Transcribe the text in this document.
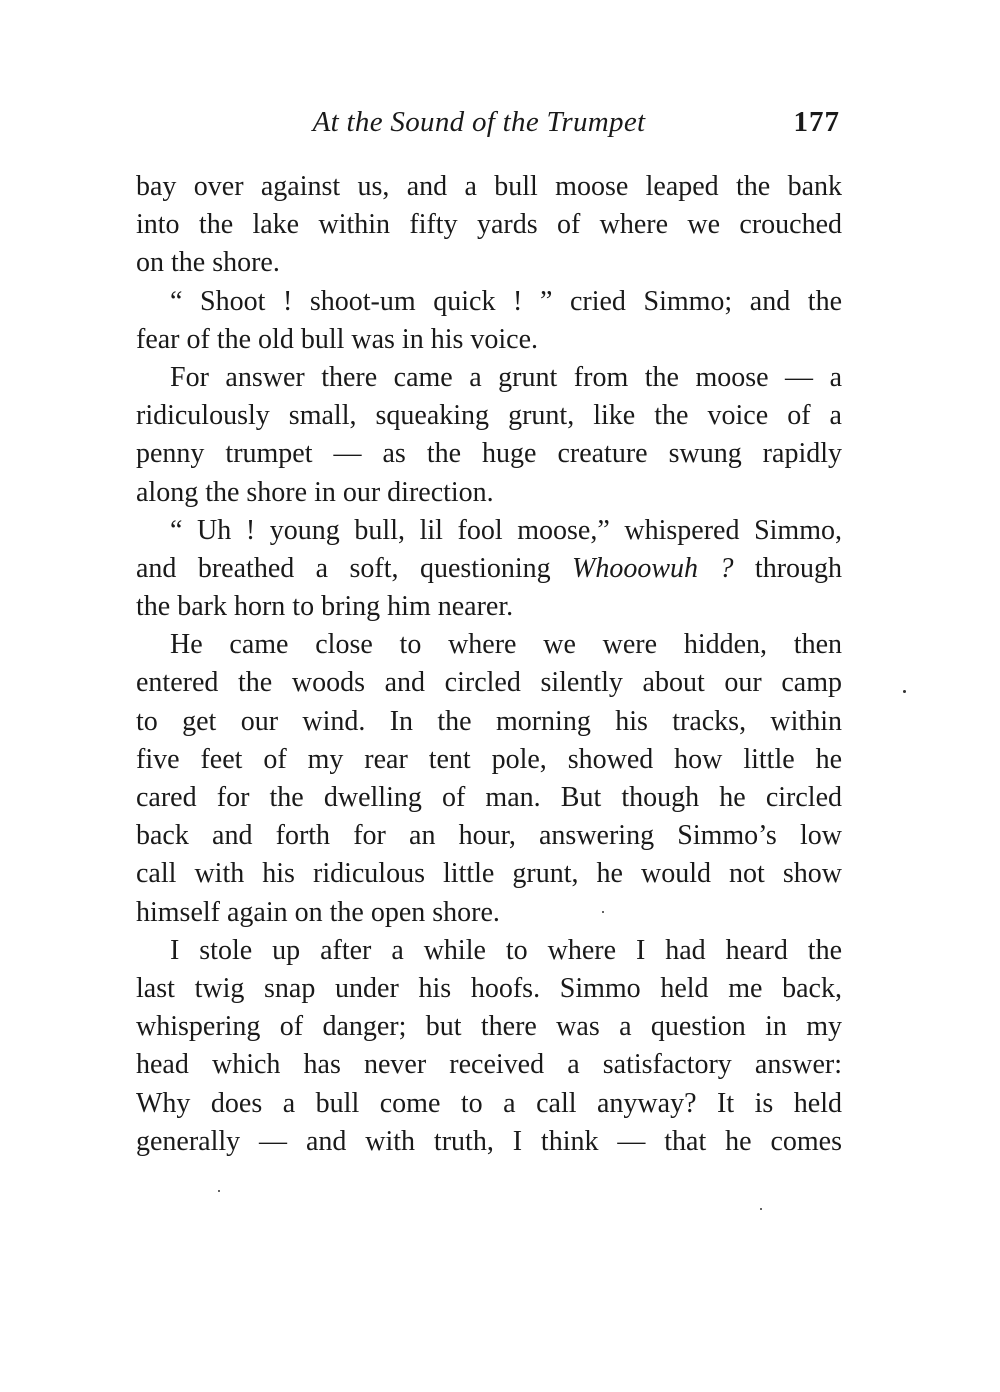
At the Sound of the Trumpet	177
bay over against us, and a bull moose leaped the bank
into the lake within fifty yards of where we crouched
on the shore.
“ Shoot ! shoot-um quick ! ” cried Simmo; and the
fear of the old bull was in his voice.
For answer there came a grunt from the moose — a
ridiculously small, squeaking grunt, like the voice of a
penny trumpet — as the huge creature swung rapidly
along the shore in our direction.
“ Uh ! young bull, lil fool moose,” whispered Simmo,
and breathed a soft, questioning Whooowuh ? through
the bark horn to bring him nearer.
He came close to where we were hidden, then
entered the woods and circled silently about our camp
to get our wind. In the morning his tracks, within
five feet of my rear tent pole, showed how little he
cared for the dwelling of man. But though he circled
back and forth for an hour, answering Simmo’s low
call with his ridiculous little grunt, he would not show
himself again on the open shore.
I stole up after a while to where I had heard the
last twig snap under his hoofs. Simmo held me back,
whispering of danger; but there was a question in my
head which has never received a satisfactory answer:
Why does a bull come to a call anyway? It is held
generally — and with truth, I think — that he comes
